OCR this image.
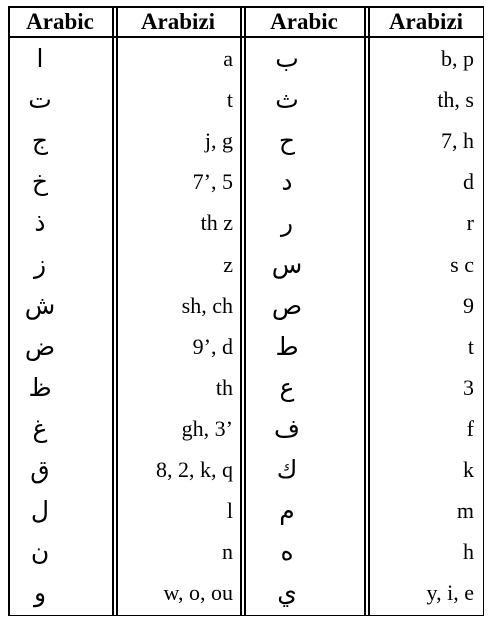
Arabic	Arabizi	Arabic	Arabizi
ا	a	ب	b, p
ت	t	ث	th, s
ج	j, g	ح	7, h
خ	7’, 5	د	d
ذ	th z	ر	r
ز	z	س	s c
ش	sh, ch	ص	9
ض	9’, d	ط	t
ظ	th	ع	3
غ	gh, 3’	ف	f
ق	8, 2, k, q	ك	k
ل	l	م	m
ن	n	ه	h
و	w, o, ou	ي	y, i, e
